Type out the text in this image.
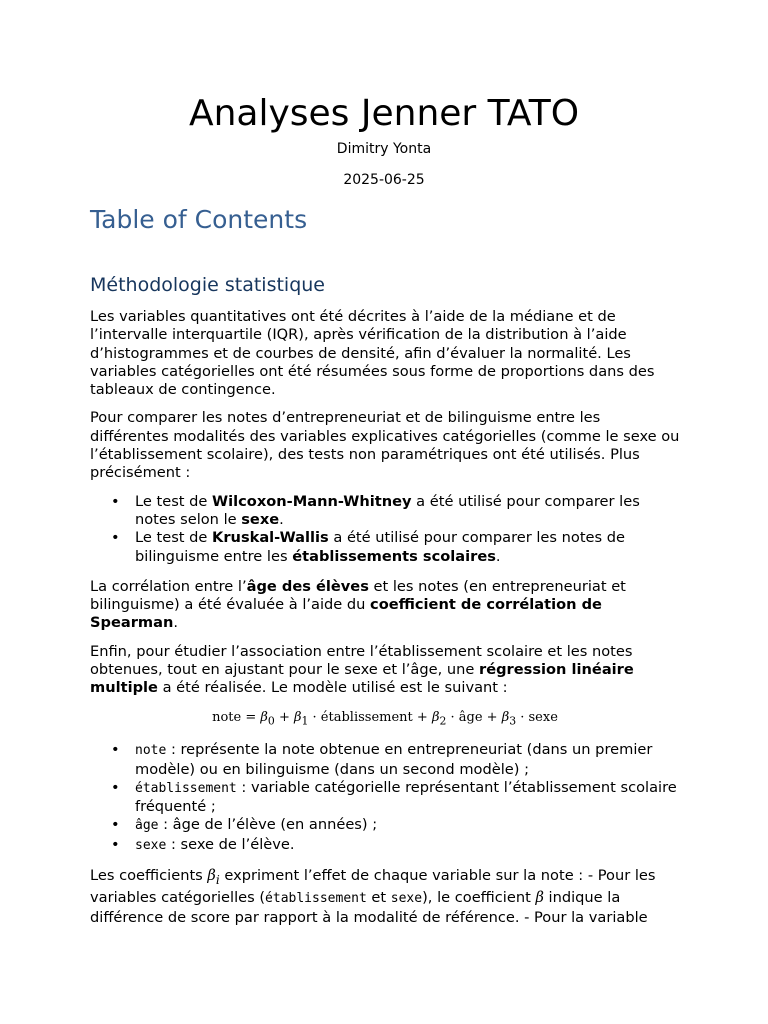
Analyses Jenner TATO
Dimitry Yonta
2025-06-25
Table of Contents
Méthodologie statistique

Les variables quantitatives ont été décrites à l’aide de la médiane et de l’intervalle interquartile (IQR), après vérification de la distribution à l’aide d’histogrammes et de courbes de densité, afin d’évaluer la normalité. Les variables catégorielles ont été résumées sous forme de proportions dans des tableaux de contingence.

Pour comparer les notes d’entrepreneuriat et de bilinguisme entre les différentes modalités des variables explicatives catégorielles (comme le sexe ou l’établissement scolaire), des tests non paramétriques ont été utilisés. Plus précisément :

• Le test de Wilcoxon-Mann-Whitney a été utilisé pour comparer les notes selon le sexe.
• Le test de Kruskal-Wallis a été utilisé pour comparer les notes de bilinguisme entre les établissements scolaires.

La corrélation entre l’âge des élèves et les notes (en entrepreneuriat et bilinguisme) a été évaluée à l’aide du coefficient de corrélation de Spearman.

Enfin, pour étudier l’association entre l’établissement scolaire et les notes obtenues, tout en ajustant pour le sexe et l’âge, une régression linéaire multiple a été réalisée. Le modèle utilisé est le suivant :

note = $\beta_0 + \beta_1$ · établissement + $\beta_2$ · âge + $\beta_3$ · sexe
• note : représente la note obtenue en entrepreneuriat (dans un premier modèle) ou en bilinguisme (dans un second modèle) ;
• établissement : variable catégorielle représentant l’établissement scolaire fréquenté ;
• âge : âge de l’élève (en années) ;
• sexe : sexe de l’élève.

Les coefficients $\beta_i$ expriment l’effet de chaque variable sur la note : - Pour les variables catégorielles (établissement et sexe), le coefficient β indique la différence de score par rapport à la modalité de référence. - Pour la variable
